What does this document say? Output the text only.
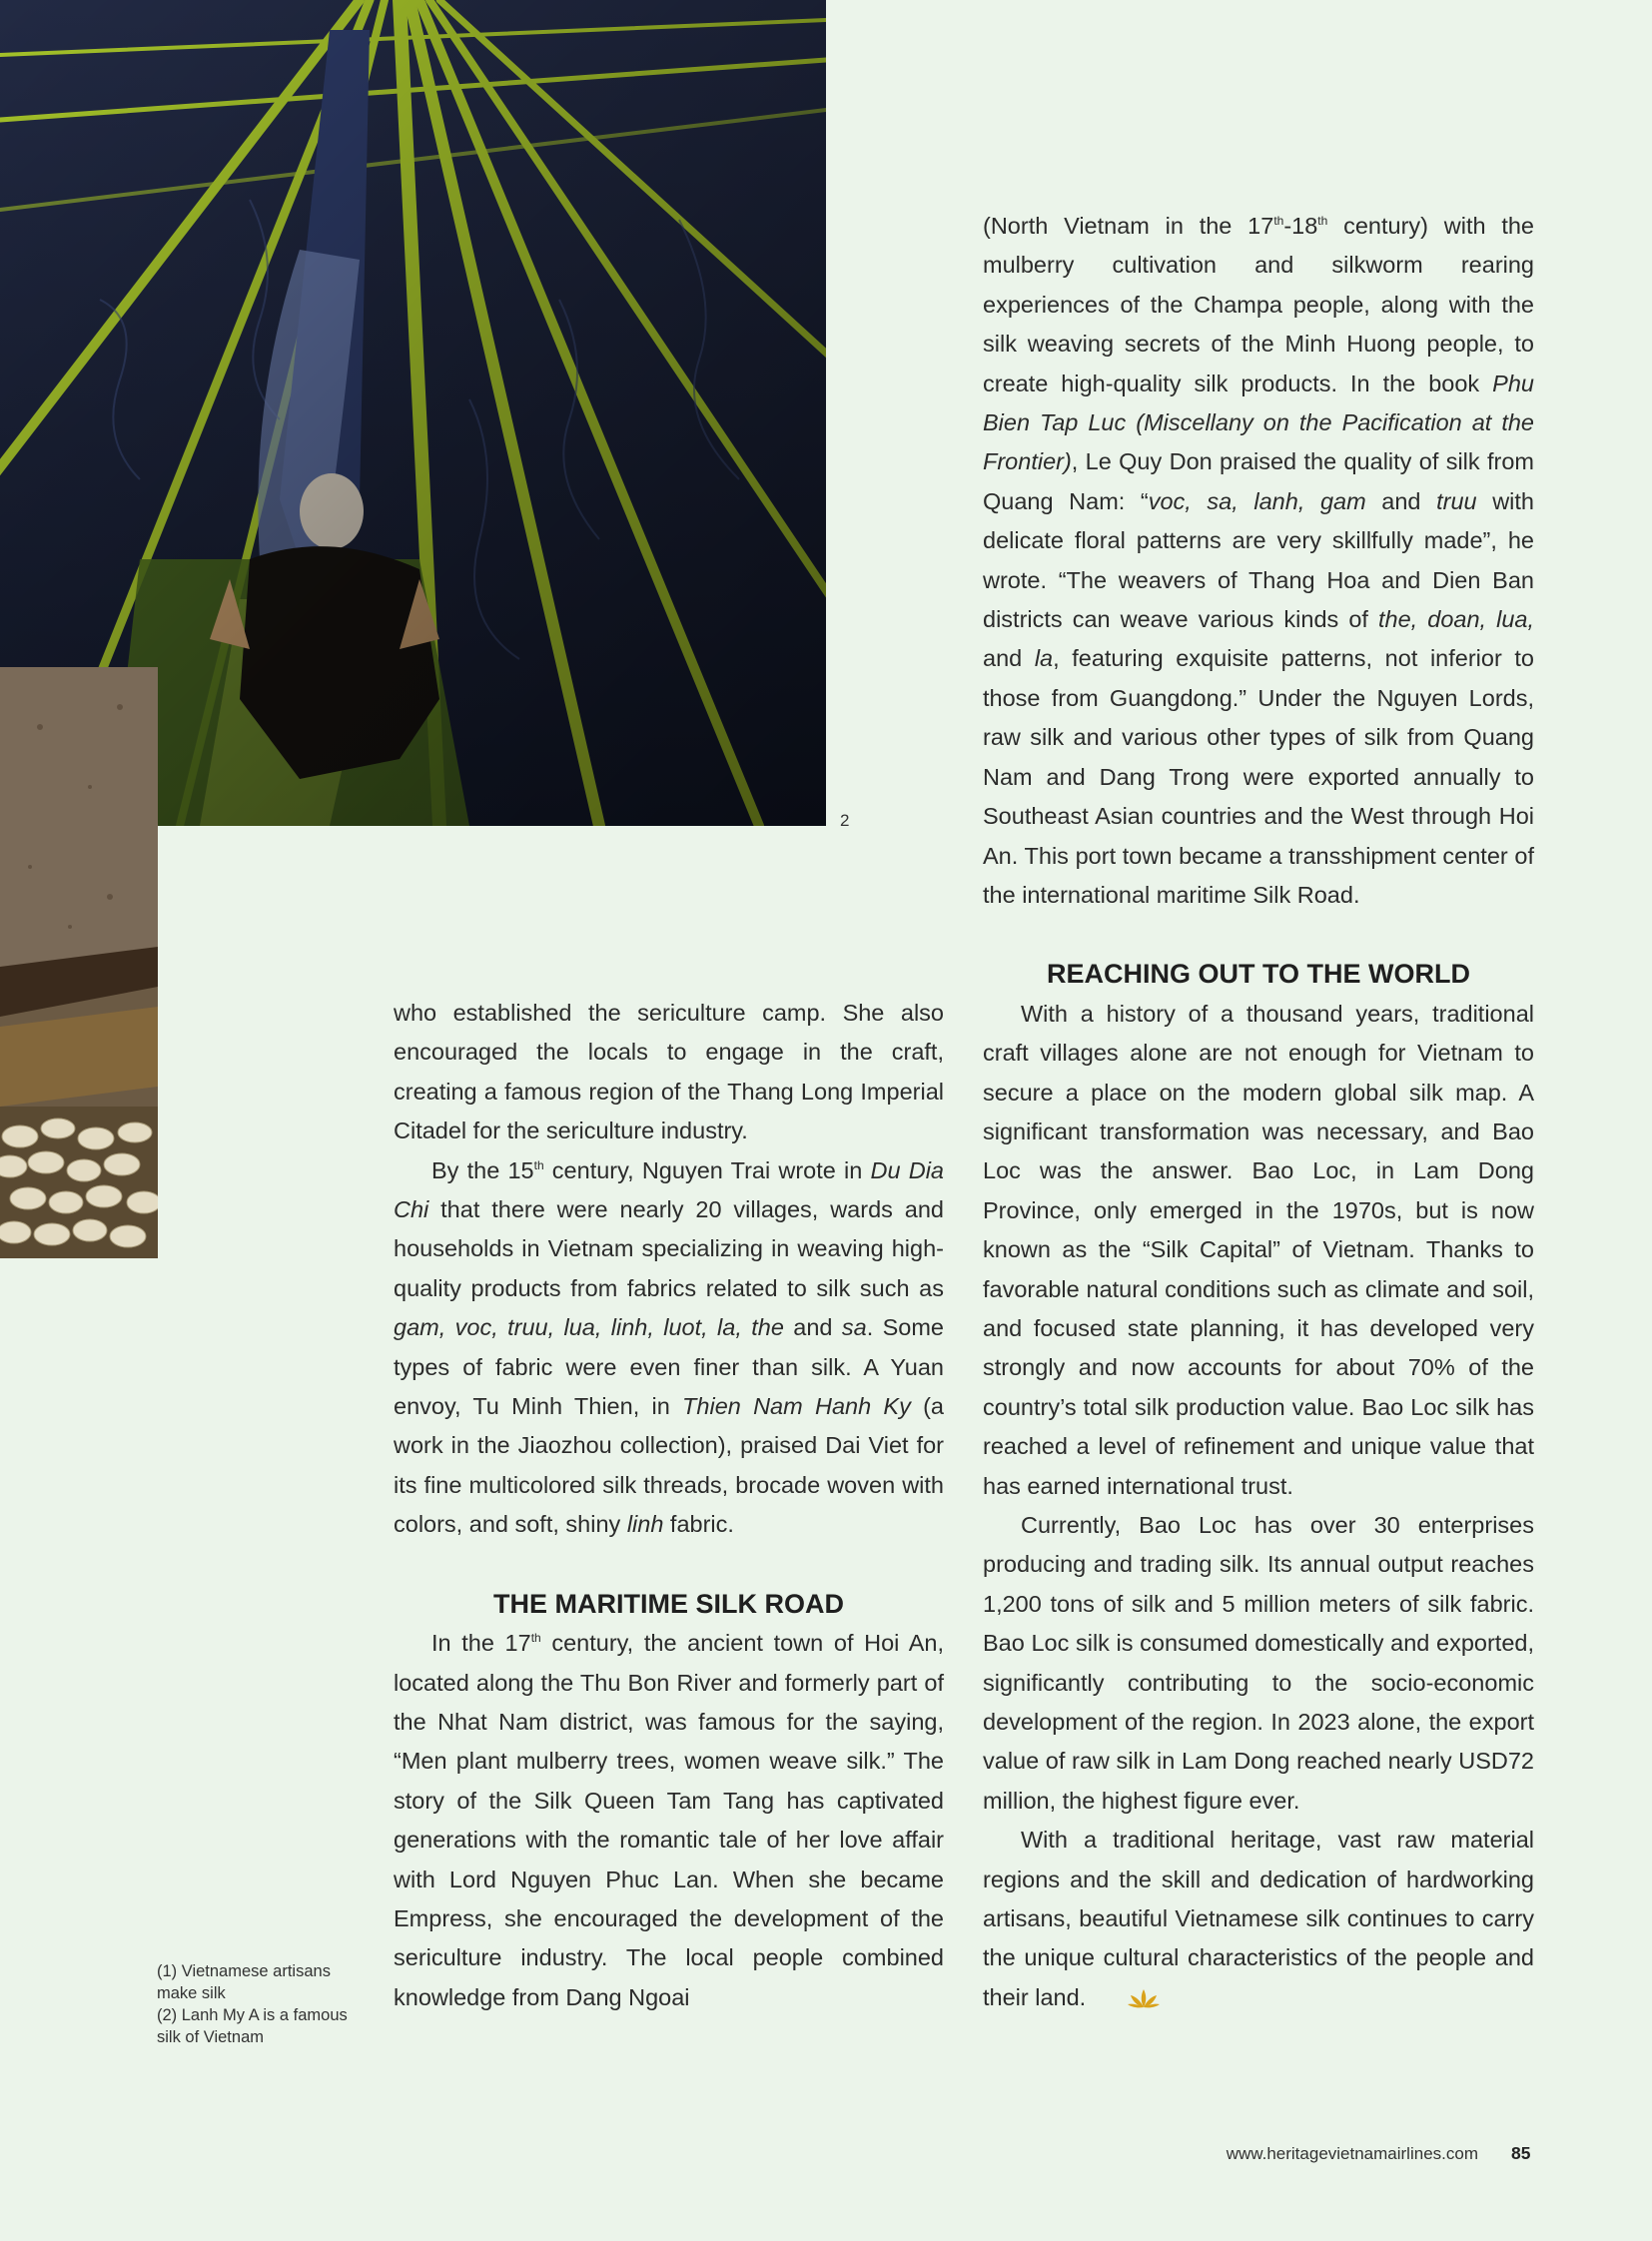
2

who established the sericulture camp. She also encouraged the locals to engage in the craft, creating a famous region of the Thang Long Imperial Citadel for the sericulture industry.

By the 15th century, Nguyen Trai wrote in Du Dia Chi that there were nearly 20 villages, wards and households in Vietnam specializing in weaving high-quality products from fabrics related to silk such as gam, voc, truu, lua, linh, luot, la, the and sa. Some types of fabric were even finer than silk. A Yuan envoy, Tu Minh Thien, in Thien Nam Hanh Ky (a work in the Jiaozhou collection), praised Dai Viet for its fine multicolored silk threads, brocade woven with colors, and soft, shiny linh fabric.

THE MARITIME SILK ROAD

In the 17th century, the ancient town of Hoi An, located along the Thu Bon River and formerly part of the Nhat Nam district, was famous for the saying, “Men plant mulberry trees, women weave silk.” The story of the Silk Queen Tam Tang has captivated generations with the romantic tale of her love affair with Lord Nguyen Phuc Lan. When she became Empress, she encouraged the development of the sericulture industry. The local people combined knowledge from Dang Ngoai

(North Vietnam in the 17th-18th century) with the mulberry cultivation and silkworm rearing experiences of the Champa people, along with the silk weaving secrets of the Minh Huong people, to create high-quality silk products. In the book Phu Bien Tap Luc (Miscellany on the Pacification at the Frontier), Le Quy Don praised the quality of silk from Quang Nam: “voc, sa, lanh, gam and truu with delicate floral patterns are very skillfully made”, he wrote. “The weavers of Thang Hoa and Dien Ban districts can weave various kinds of the, doan, lua, and la, featuring exquisite patterns, not inferior to those from Guangdong.” Under the Nguyen Lords, raw silk and various other types of silk from Quang Nam and Dang Trong were exported annually to Southeast Asian countries and the West through Hoi An. This port town became a transshipment center of the international maritime Silk Road.

REACHING OUT TO THE WORLD

With a history of a thousand years, traditional craft villages alone are not enough for Vietnam to secure a place on the modern global silk map. A significant transformation was necessary, and Bao Loc was the answer. Bao Loc, in Lam Dong Province, only emerged in the 1970s, but is now known as the “Silk Capital” of Vietnam. Thanks to favorable natural conditions such as climate and soil, and focused state planning, it has developed very strongly and now accounts for about 70% of the country’s total silk production value. Bao Loc silk has reached a level of refinement and unique value that has earned international trust.

Currently, Bao Loc has over 30 enterprises producing and trading silk. Its annual output reaches 1,200 tons of silk and 5 million meters of silk fabric. Bao Loc silk is consumed domestically and exported, significantly contributing to the socio-economic development of the region. In 2023 alone, the export value of raw silk in Lam Dong reached nearly USD72 million, the highest figure ever.

With a traditional heritage, vast raw material regions and the skill and dedication of hardworking artisans, beautiful Vietnamese silk continues to carry the unique cultural characteristics of the people and their land.

(1) Vietnamese artisans make silk
(2) Lanh My A is a famous silk of Vietnam
www.heritagevietnamairlines.com 85
